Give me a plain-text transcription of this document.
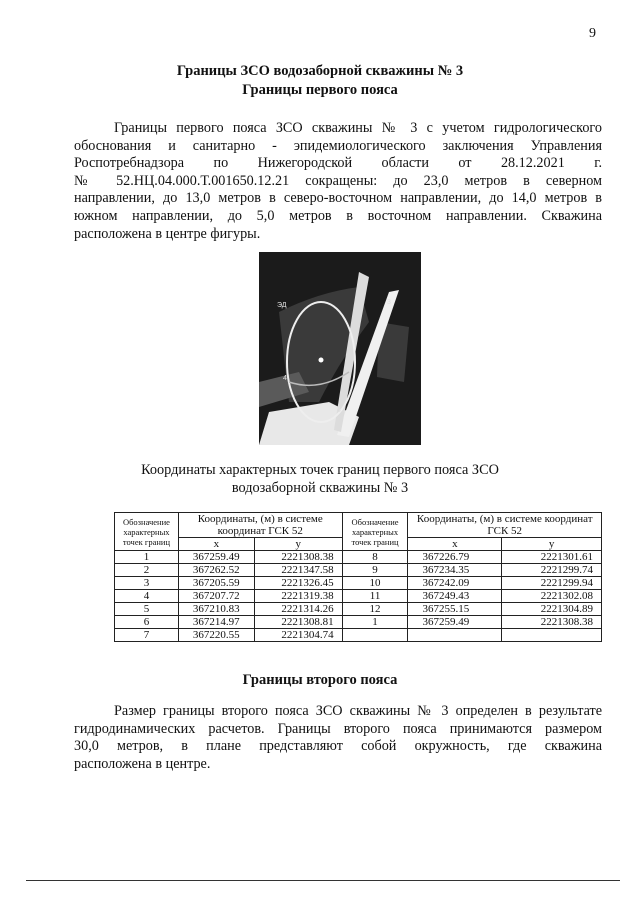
9
Границы ЗСО водозаборной скважины № 3
Границы первого пояса

Границы первого пояса ЗСО скважины № 3 с учетом гидрологического

обоснования и санитарно - эпидемиологического заключения Управления

Роспотребнадзора по Нижегородской области от 28.12.2021 г.

№ 52.НЦ.04.000.Т.001650.12.21 сокращены: до 23,0 метров в северном

направлении, до 13,0 метров в северо-восточном направлении, до 14,0 метров в

южном направлении, до 5,0 метров в восточном направлении. Скважина

расположена в центре фигуры.

ЭД	3
4
5
Координаты характерных точек границ первого пояса ЗСО
водозаборной скважины № 3
Обозначение характерных точек границ	Координаты, (м) в системе координат ГСК 52		Обозначение характерных точек границ	Координаты, (м) в системе координат ГСК 52	
	x	y		x	y
1	367259.49	2221308.38	8	367226.79	2221301.61
2	367262.52	2221347.58	9	367234.35	2221299.74
3	367205.59	2221326.45	10	367242.09	2221299.94
4	367207.72	2221319.38	11	367249.43	2221302.08
5	367210.83	2221314.26	12	367255.15	2221304.89
6	367214.97	2221308.81	1	367259.49	2221308.38
7	367220.55	2221304.74			
Границы второго пояса

Размер границы второго пояса ЗСО скважины № 3 определен в результате

гидродинамических расчетов. Границы второго пояса принимаются размером

30,0 метров, в плане представляют собой окружность, где скважина

расположена в центре.
